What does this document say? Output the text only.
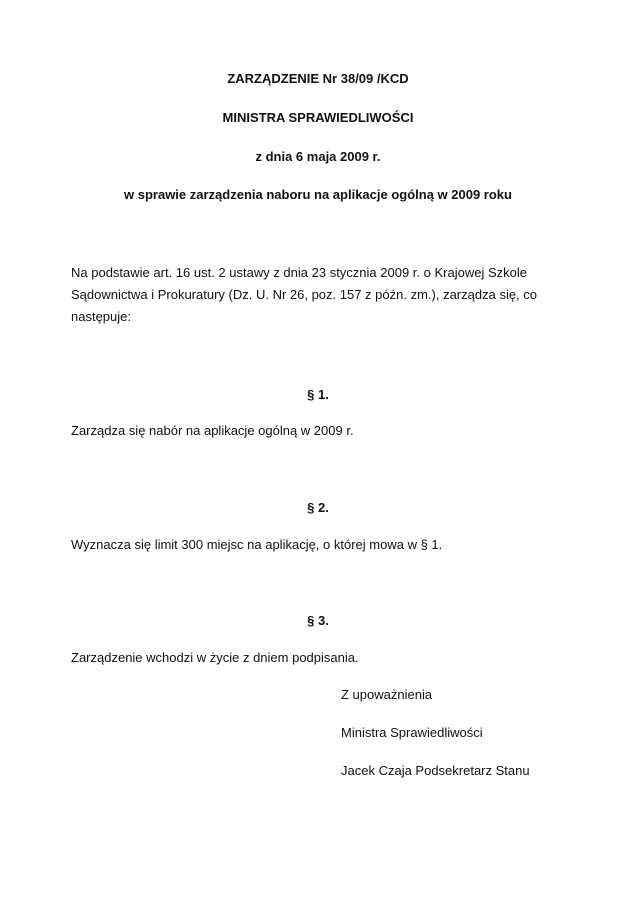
ZARZĄDZENIE Nr 38/09 /KCD
MINISTRA SPRAWIEDLIWOŚCI
z dnia 6 maja 2009 r.
w sprawie zarządzenia naboru na aplikacje ogólną w 2009 roku
Na podstawie art. 16 ust. 2 ustawy z dnia 23 stycznia 2009 r. o Krajowej Szkole
Sądownictwa i Prokuratury (Dz. U. Nr 26, poz. 157 z późn. zm.), zarządza się, co
następuje:
§ 1.
Zarządza się nabór na aplikacje ogólną w 2009 r.
§ 2.
Wyznacza się limit 300 miejsc na aplikację, o której mowa w § 1.
§ 3.
Zarządzenie wchodzi w życie z dniem podpisania.
Z upoważnienia
Ministra Sprawiedliwości
Jacek Czaja Podsekretarz Stanu
